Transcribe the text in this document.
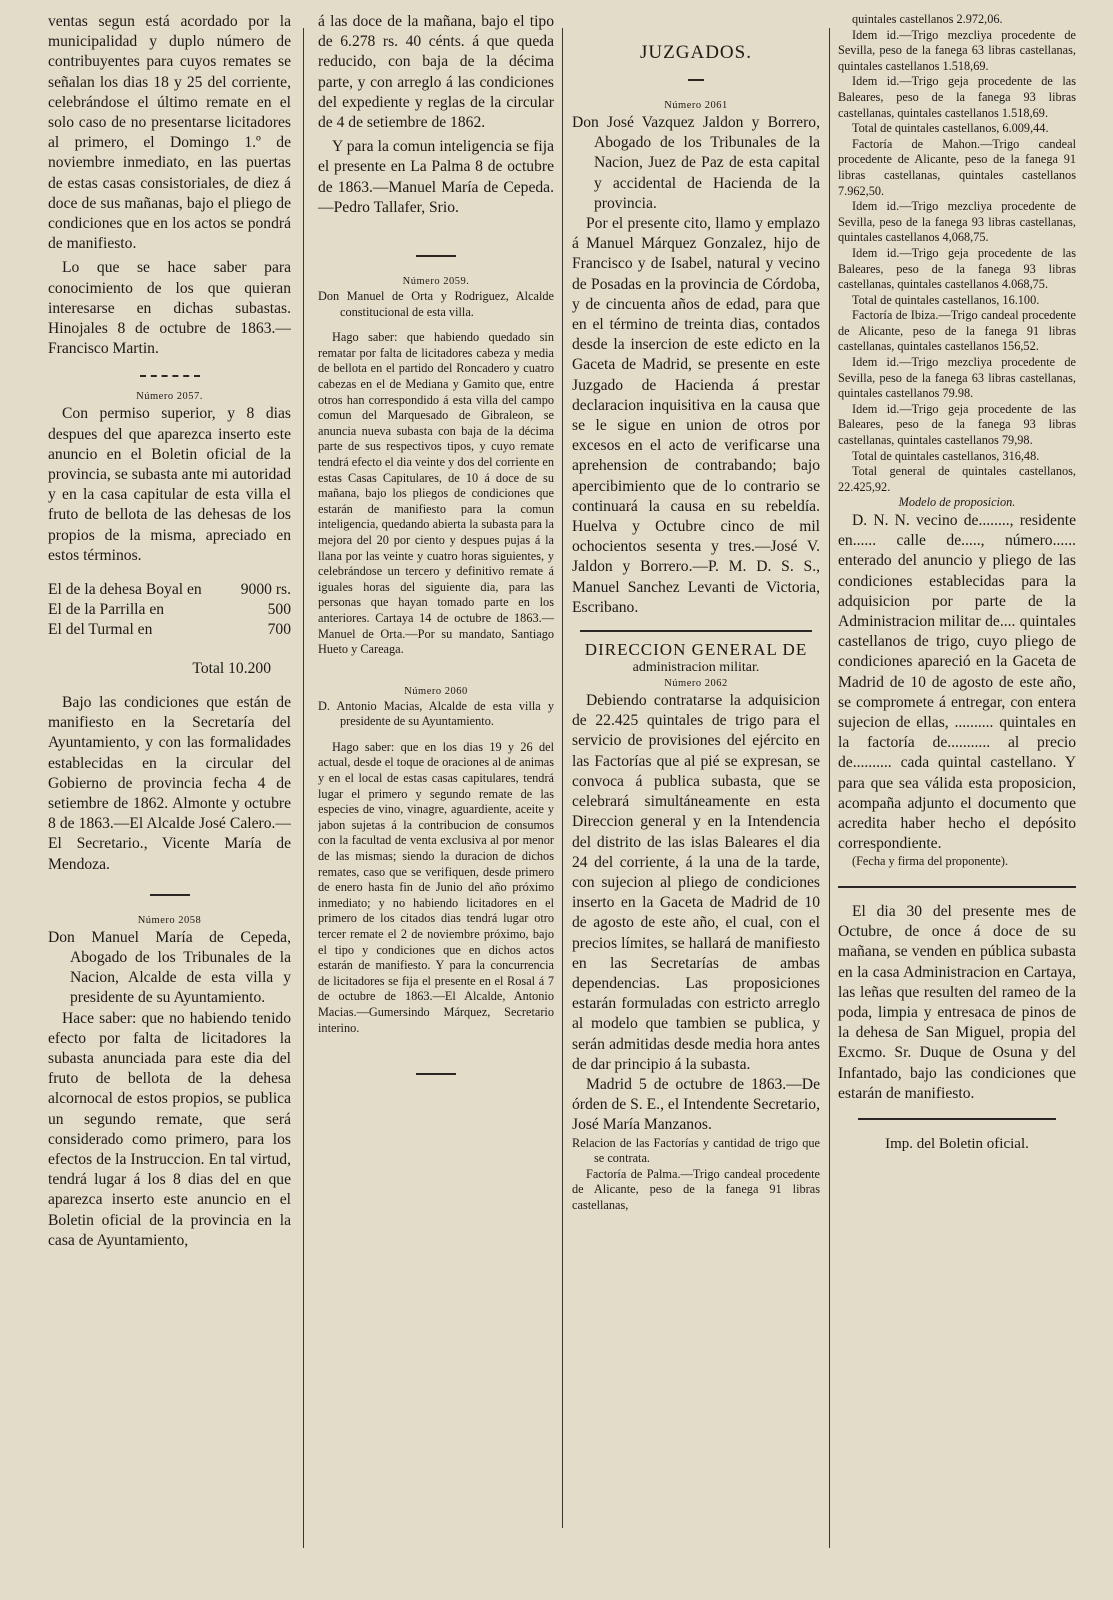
ventas segun está acordado por la municipalidad y duplo número de contribuyentes para cuyos remates se señalan los dias 18 y 25 del corriente, celebrándose el último remate en el solo caso de no presentarse licitadores al primero, el Domingo 1.º de noviembre inmediato, en las puertas de estas casas consistoriales, de diez á doce de sus mañanas, bajo el pliego de condiciones que en los actos se pondrá de manifiesto.

Lo que se hace saber para conocimiento de los que quieran interesarse en dichas subastas. Hinojales 8 de octubre de 1863.—Francisco Martin.

Número 2057.

Con permiso superior, y 8 dias despues del que aparezca inserto este anuncio en el Boletin oficial de la provincia, se subasta ante mi autoridad y en la casa capitular de esta villa el fruto de bellota de las dehesas de los propios de la misma, apreciado en estos términos.

El de la dehesa Boyal en	9000 rs.
El de la Parrilla en	500
El del Turmal en	700

Total 10.200

Bajo las condiciones que están de manifiesto en la Secretaría del Ayuntamiento, y con las formalidades establecidas en la circular del Gobierno de provincia fecha 4 de setiembre de 1862. Almonte y octubre 8 de 1863.—El Alcalde José Calero.—El Secretario., Vicente María de Mendoza.

Número 2058

Don Manuel María de Cepeda, Abogado de los Tribunales de la Nacion, Alcalde de esta villa y presidente de su Ayuntamiento.

Hace saber: que no habiendo tenido efecto por falta de licitadores la subasta anunciada para este dia del fruto de bellota de la dehesa alcornocal de estos propios, se publica un segundo remate, que será considerado como primero, para los efectos de la Instruccion. En tal virtud, tendrá lugar á los 8 dias del en que aparezca inserto este anuncio en el Boletin oficial de la provincia en la casa de Ayuntamiento,

á las doce de la mañana, bajo el tipo de 6.278 rs. 40 cénts. á que queda reducido, con baja de la décima parte, y con arreglo á las condiciones del expediente y reglas de la circular de 4 de setiembre de 1862.

Y para la comun inteligencia se fija el presente en La Palma 8 de octubre de 1863.—Manuel María de Cepeda.—Pedro Tallafer, Srio.

Número 2059.

Don Manuel de Orta y Rodriguez, Alcalde constitucional de esta villa.

Hago saber: que habiendo quedado sin rematar por falta de licitadores cabeza y media de bellota en el partido del Roncadero y cuatro cabezas en el de Mediana y Gamito que, entre otros han correspondido á esta villa del campo comun del Marquesado de Gibraleon, se anuncia nueva subasta con baja de la décima parte de sus respectivos tipos, y cuyo remate tendrá efecto el dia veinte y dos del corriente en estas Casas Capitulares, de 10 á doce de su mañana, bajo los pliegos de condiciones que estarán de manifiesto para la comun inteligencia, quedando abierta la subasta para la mejora del 20 por ciento y despues pujas á la llana por las veinte y cuatro horas siguientes, y celebrándose un tercero y definitivo remate á iguales horas del siguiente dia, para las personas que hayan tomado parte en los anteriores. Cartaya 14 de octubre de 1863.—Manuel de Orta.—Por su mandato, Santiago Hueto y Careaga.

Número 2060

D. Antonio Macias, Alcalde de esta villa y presidente de su Ayuntamiento.

Hago saber: que en los dias 19 y 26 del actual, desde el toque de oraciones al de animas y en el local de estas casas capitulares, tendrá lugar el primero y segundo remate de las especies de vino, vinagre, aguardiente, aceite y jabon sujetas á la contribucion de consumos con la facultad de venta exclusiva al por menor de las mismas; siendo la duracion de dichos remates, caso que se verifiquen, desde primero de enero hasta fin de Junio del año próximo inmediato; y no habiendo licitadores en el primero de los citados dias tendrá lugar otro tercer remate el 2 de noviembre próximo, bajo el tipo y condiciones que en dichos actos estarán de manifiesto. Y para la concurrencia de licitadores se fija el presente en el Rosal á 7 de octubre de 1863.—El Alcalde, Antonio Macias.—Gumersindo Márquez, Secretario interino.

JUZGADOS.

Número 2061

Don José Vazquez Jaldon y Borrero, Abogado de los Tribunales de la Nacion, Juez de Paz de esta capital y accidental de Hacienda de la provincia.

Por el presente cito, llamo y emplazo á Manuel Márquez Gonzalez, hijo de Francisco y de Isabel, natural y vecino de Posadas en la provincia de Córdoba, y de cincuenta años de edad, para que en el término de treinta dias, contados desde la insercion de este edicto en la Gaceta de Madrid, se presente en este Juzgado de Hacienda á prestar declaracion inquisitiva en la causa que se le sigue en union de otros por excesos en el acto de verificarse una aprehension de contrabando; bajo apercibimiento que de lo contrario se continuará la causa en su rebeldía. Huelva y Octubre cinco de mil ochocientos sesenta y tres.—José V. Jaldon y Borrero.—P. M. D. S. S., Manuel Sanchez Levanti de Victoria, Escribano.

DIRECCION GENERAL DE

administracion militar.

Número 2062

Debiendo contratarse la adquisicion de 22.425 quintales de trigo para el servicio de provisiones del ejército en las Factorías que al pié se expresan, se convoca á publica subasta, que se celebrará simultáneamente en esta Direccion general y en la Intendencia del distrito de las islas Baleares el dia 24 del corriente, á la una de la tarde, con sujecion al pliego de condiciones inserto en la Gaceta de Madrid de 10 de agosto de este año, el cual, con el precios límites, se hallará de manifiesto en las Secretarías de ambas dependencias. Las proposiciones estarán formuladas con estricto arreglo al modelo que tambien se publica, y serán admitidas desde media hora antes de dar principio á la subasta.

Madrid 5 de octubre de 1863.—De órden de S. E., el Intendente Secretario, José María Manzanos.

Relacion de las Factorías y cantidad de trigo que se contrata.

Factoría de Palma.—Trigo candeal procedente de Alicante, peso de la fanega 91 libras castellanas,

quintales castellanos 2.972,06.

Idem id.—Trigo mezcliya procedente de Sevilla, peso de la fanega 63 libras castellanas, quintales castellanos 1.518,69.

Idem id.—Trigo geja procedente de las Baleares, peso de la fanega 93 libras castellanas, quintales castellanos 1.518,69.

Total de quintales castellanos, 6.009,44.

Factoría de Mahon.—Trigo candeal procedente de Alicante, peso de la fanega 91 libras castellanas, quintales castellanos 7.962,50.

Idem id.—Trigo mezcliya procedente de Sevilla, peso de la fanega 93 libras castellanas, quintales castellanos 4,068,75.

Idem id.—Trigo geja procedente de las Baleares, peso de la fanega 93 libras castellanas, quintales castellanos 4.068,75.

Total de quintales castellanos, 16.100.

Factoría de Ibiza.—Trigo candeal procedente de Alicante, peso de la fanega 91 libras castellanas, quintales castellanos 156,52.

Idem id.—Trigo mezcliya procedente de Sevilla, peso de la fanega 63 libras castellanas, quintales castellanos 79.98.

Idem id.—Trigo geja procedente de las Baleares, peso de la fanega 93 libras castellanas, quintales castellanos 79,98.

Total de quintales castellanos, 316,48.

Total general de quintales castellanos, 22.425,92.

Modelo de proposicion.

D. N. N. vecino de........, residente en...... calle de....., número...... enterado del anuncio y pliego de las condiciones establecidas para la adquisicion por parte de la Administracion militar de.... quintales castellanos de trigo, cuyo pliego de condiciones apareció en la Gaceta de Madrid de 10 de agosto de este año, se compromete á entregar, con entera sujecion de ellas, .......... quintales en la factoría de........... al precio de.......... cada quintal castellano. Y para que sea válida esta proposicion, acompaña adjunto el documento que acredita haber hecho el depósito correspondiente.

(Fecha y firma del proponente).

El dia 30 del presente mes de Octubre, de once á doce de su mañana, se venden en pública subasta en la casa Administracion en Cartaya, las leñas que resulten del rameo de la poda, limpia y entresaca de pinos de la dehesa de San Miguel, propia del Excmo. Sr. Duque de Osuna y del Infantado, bajo las condiciones que estarán de manifiesto.

Imp. del Boletin oficial.
